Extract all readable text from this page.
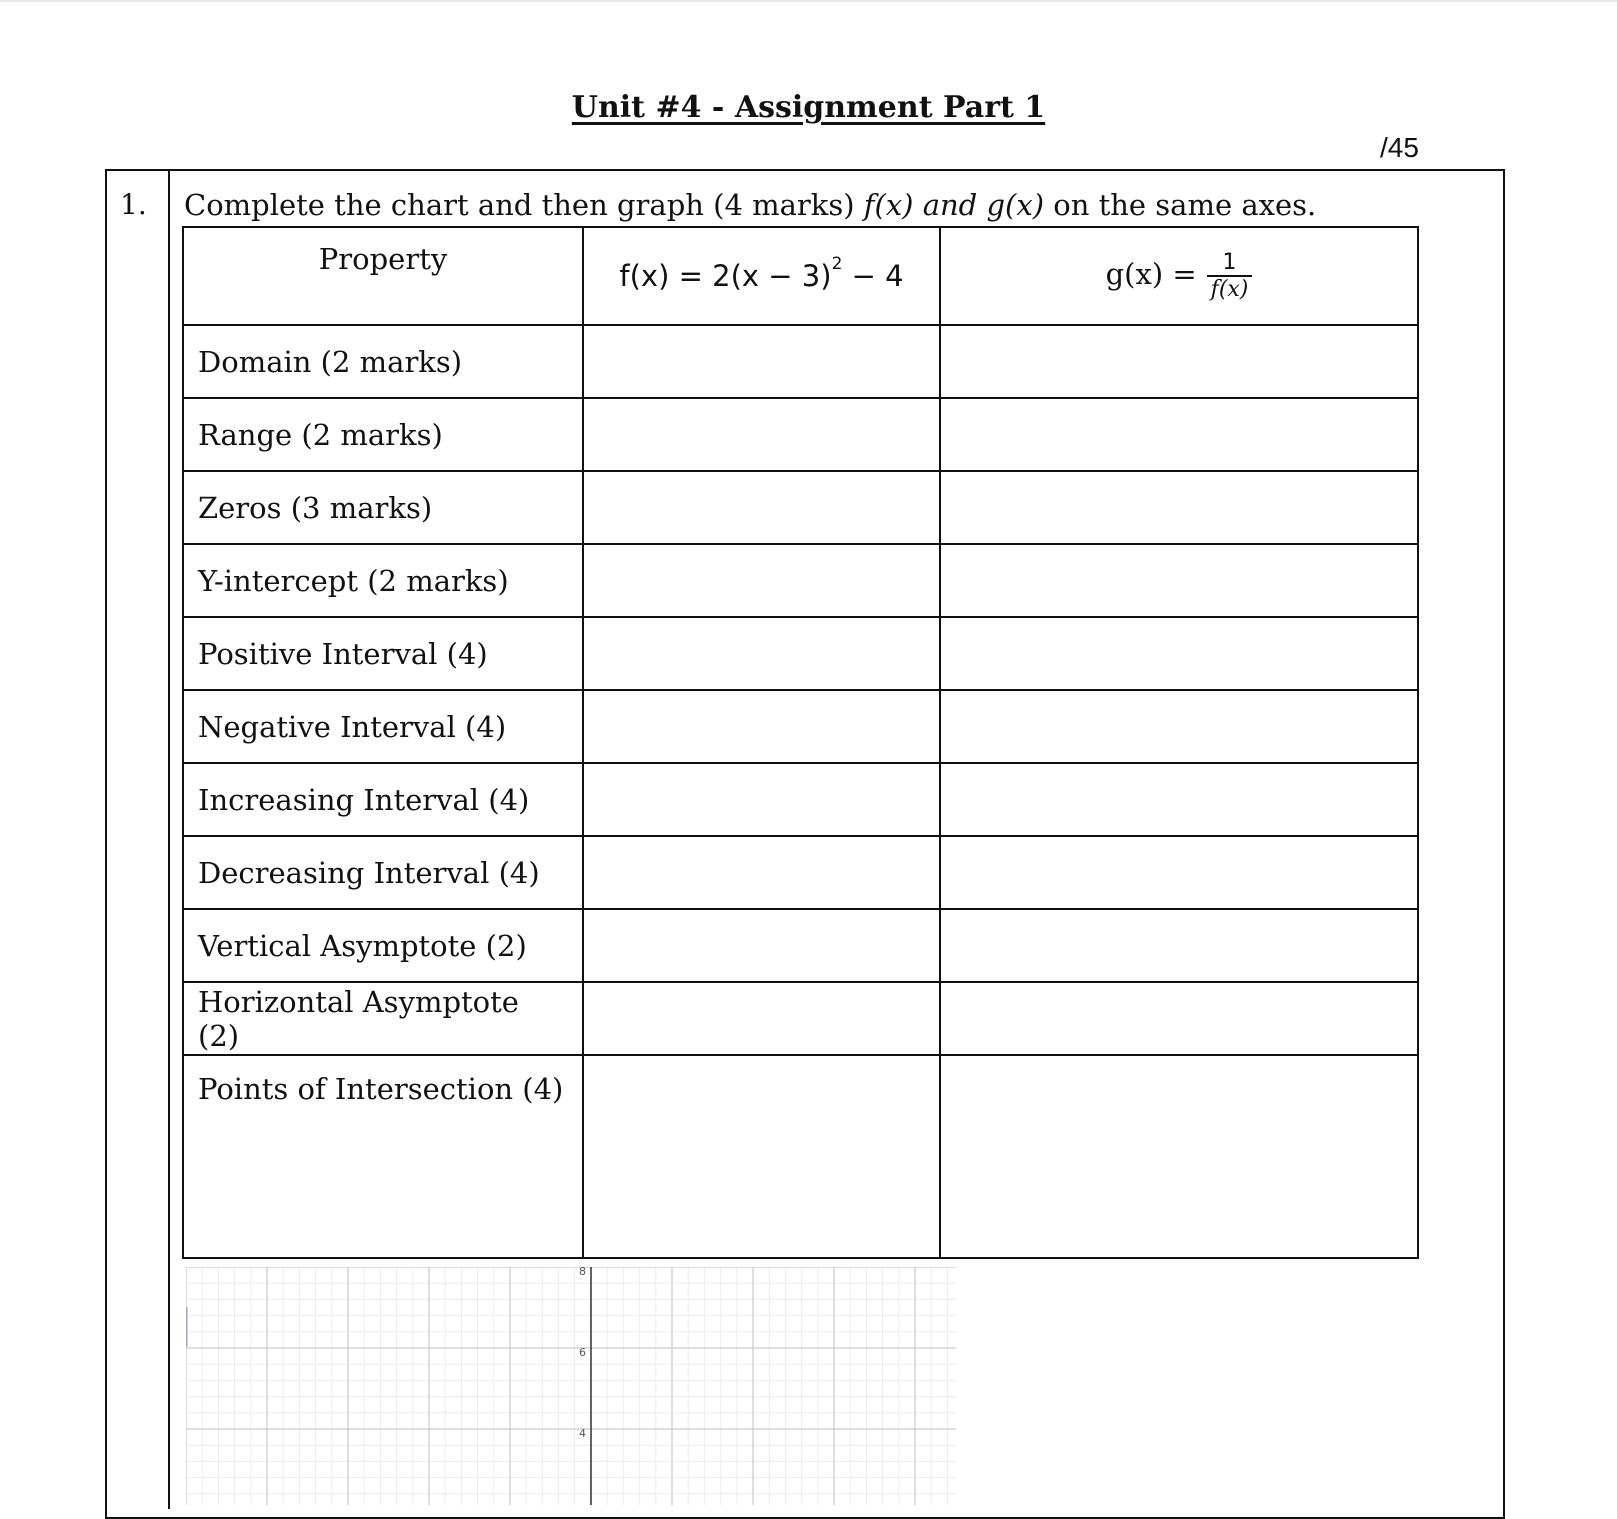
Unit #4 - Assignment Part 1
/45
1. Complete the chart and then graph (4 marks) f(x) and g(x) on the same axes.
Property	$f(x) = 2(x - 3)^2 - 4$	$g(x) = \frac{1}{f(x)}$

Domain (2 marks)		
Range (2 marks)		
Zeros (3 marks)		
Y-intercept (2 marks)		
Positive Interval (4)		
Negative Interval (4)		
Increasing Interval (4)		
Decreasing Interval (4)		
Vertical Asymptote (2)		
Horizontal Asymptote (2)		
Points of Intersection (4)		
8
6
4
